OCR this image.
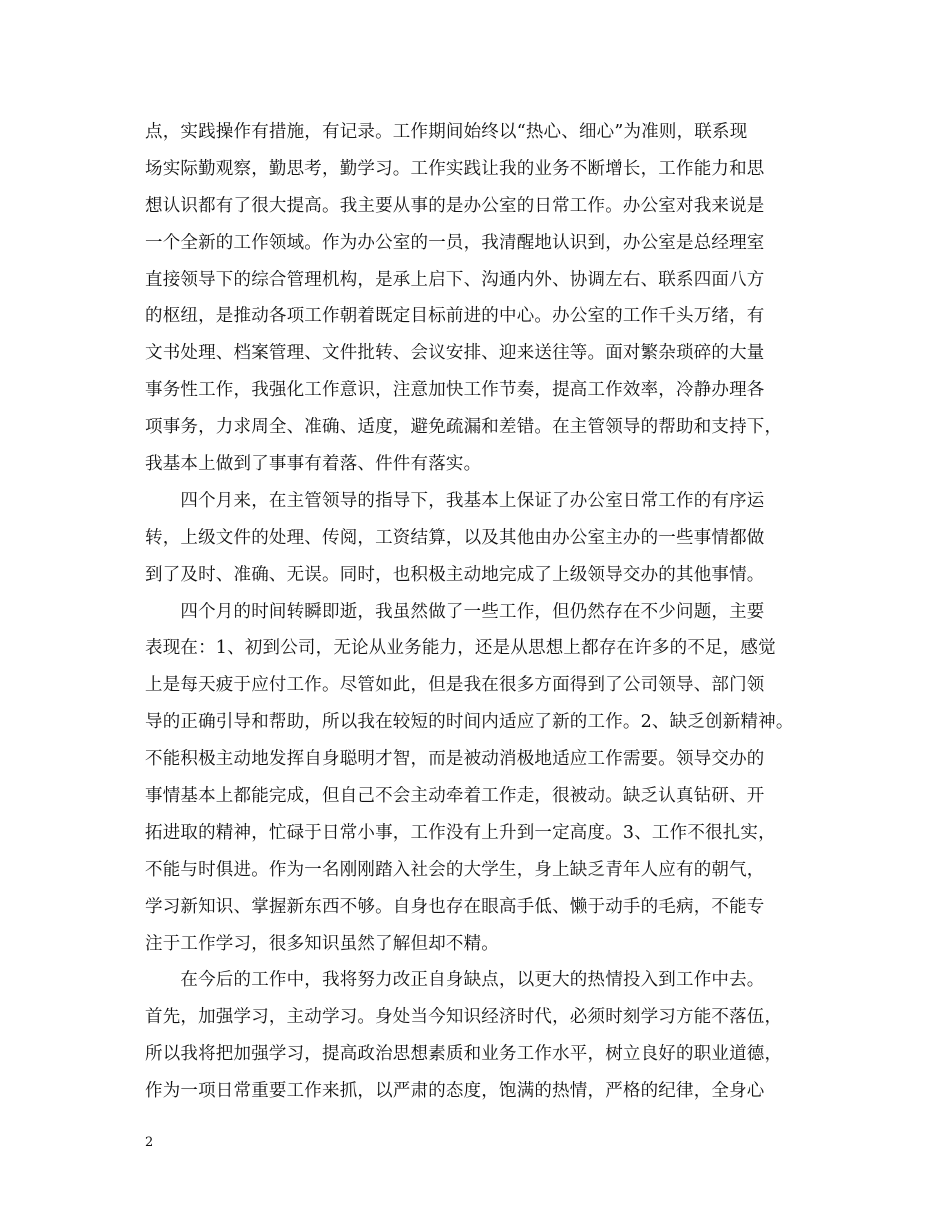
点，实践操作有措施，有记录。工作期间始终以“热心、细心”为准则，联系现
场实际勤观察，勤思考，勤学习。工作实践让我的业务不断增长，工作能力和思
想认识都有了很大提高。我主要从事的是办公室的日常工作。办公室对我来说是
一个全新的工作领域。作为办公室的一员，我清醒地认识到，办公室是总经理室
直接领导下的综合管理机构，是承上启下、沟通内外、协调左右、联系四面八方
的枢纽，是推动各项工作朝着既定目标前进的中心。办公室的工作千头万绪，有
文书处理、档案管理、文件批转、会议安排、迎来送往等。面对繁杂琐碎的大量
事务性工作，我强化工作意识，注意加快工作节奏，提高工作效率，冷静办理各
项事务，力求周全、准确、适度，避免疏漏和差错。在主管领导的帮助和支持下，
我基本上做到了事事有着落、件件有落实。
　　四个月来，在主管领导的指导下，我基本上保证了办公室日常工作的有序运
转，上级文件的处理、传阅，工资结算，以及其他由办公室主办的一些事情都做
到了及时、准确、无误。同时，也积极主动地完成了上级领导交办的其他事情。
　　四个月的时间转瞬即逝，我虽然做了一些工作，但仍然存在不少问题，主要
表现在：1、初到公司，无论从业务能力，还是从思想上都存在许多的不足，感觉
上是每天疲于应付工作。尽管如此，但是我在很多方面得到了公司领导、部门领
导的正确引导和帮助，所以我在较短的时间内适应了新的工作。2、缺乏创新精神。
不能积极主动地发挥自身聪明才智，而是被动消极地适应工作需要。领导交办的
事情基本上都能完成，但自己不会主动牵着工作走，很被动。缺乏认真钻研、开
拓进取的精神，忙碌于日常小事，工作没有上升到一定高度。3、工作不很扎实，
不能与时俱进。作为一名刚刚踏入社会的大学生，身上缺乏青年人应有的朝气，
学习新知识、掌握新东西不够。自身也存在眼高手低、懒于动手的毛病，不能专
注于工作学习，很多知识虽然了解但却不精。
　　在今后的工作中，我将努力改正自身缺点，以更大的热情投入到工作中去。
首先，加强学习，主动学习。身处当今知识经济时代，必须时刻学习方能不落伍，
所以我将把加强学习，提高政治思想素质和业务工作水平，树立良好的职业道德，
作为一项日常重要工作来抓，以严肃的态度，饱满的热情，严格的纪律，全身心
2
